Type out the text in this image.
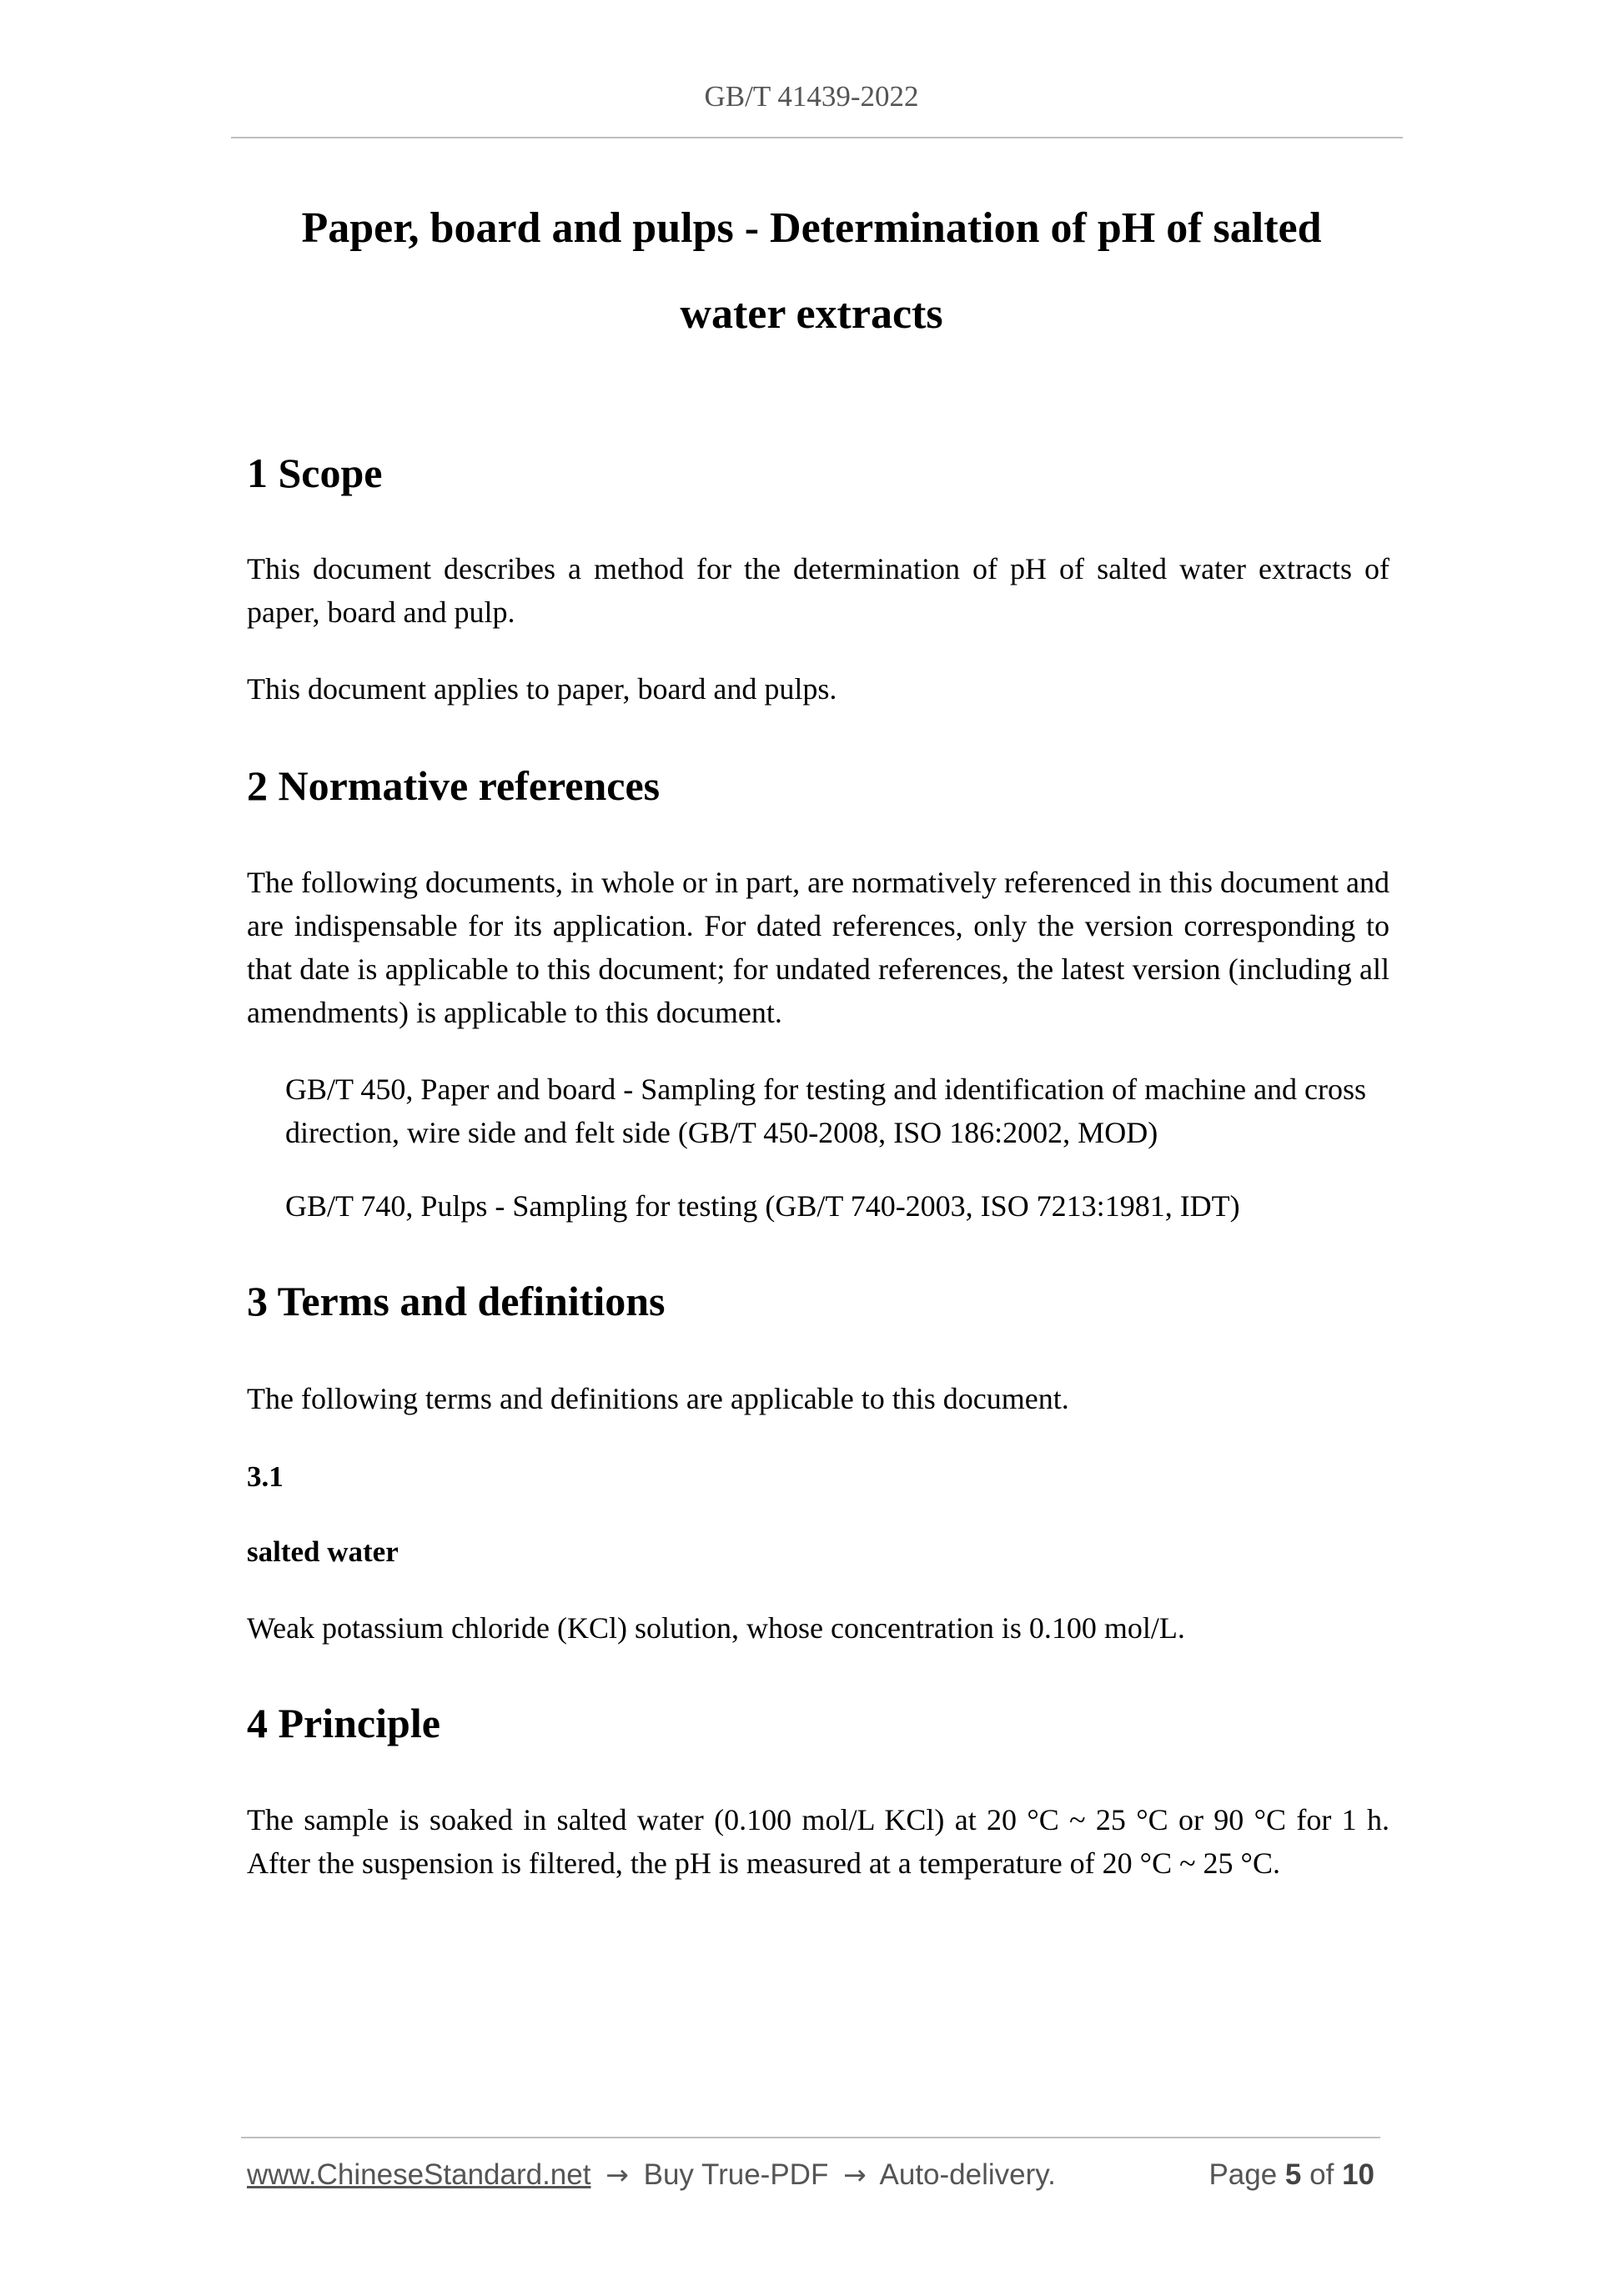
GB/T 41439-2022
Paper, board and pulps - Determination of pH of salted
water extracts
1 Scope

This document describes a method for the determination of pH of salted water extracts of paper, board and pulp.

This document applies to paper, board and pulps.

2 Normative references

The following documents, in whole or in part, are normatively referenced in this document and are indispensable for its application. For dated references, only the version corresponding to that date is applicable to this document; for undated references, the latest version (including all amendments) is applicable to this document.

GB/T 450, Paper and board - Sampling for testing and identification of machine and cross direction, wire side and felt side (GB/T 450-2008, ISO 186:2002, MOD)

GB/T 740, Pulps - Sampling for testing (GB/T 740-2003, ISO 7213:1981, IDT)

3 Terms and definitions

The following terms and definitions are applicable to this document.

3.1

salted water

Weak potassium chloride (KCl) solution, whose concentration is 0.100 mol/L.

4 Principle

The sample is soaked in salted water (0.100 mol/L KCl) at 20 °C ~ 25 °C or 90 °C for 1 h. After the suspension is filtered, the pH is measured at a temperature of 20 °C ~ 25 °C.

www.ChineseStandard.net → Buy True-PDF → Auto-delivery.	Page 5 of 10
